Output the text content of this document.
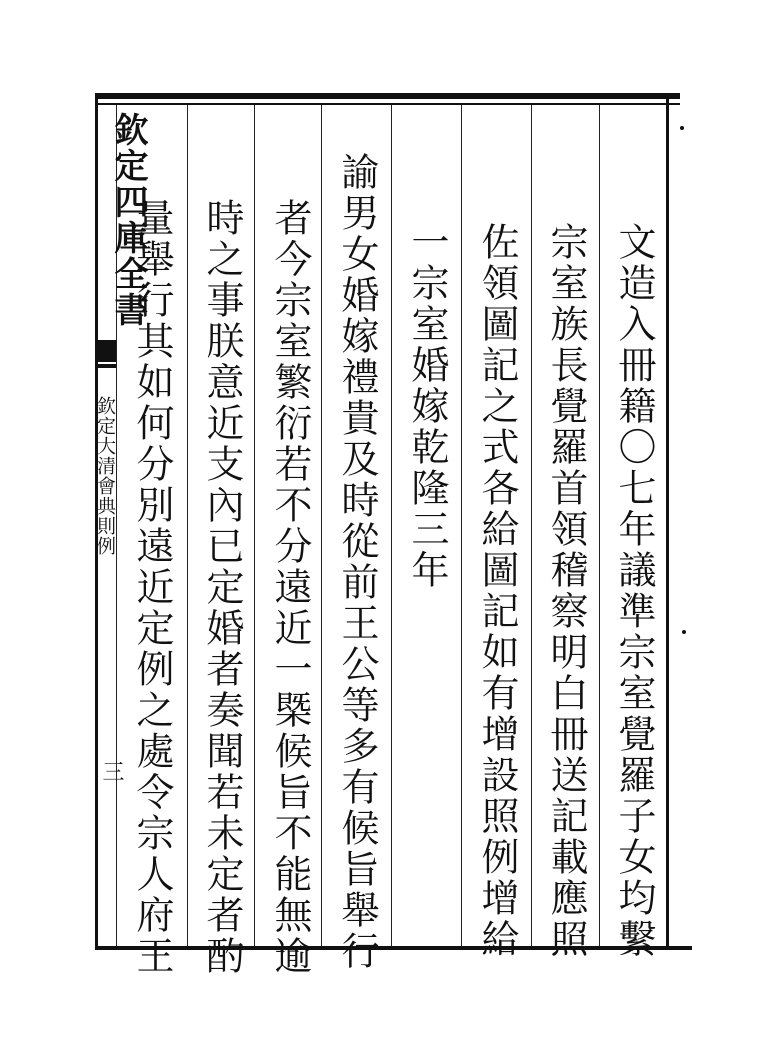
欽定四庫全書
欽定大清會典則例
三	文造入冊籍〇七年議準宗室覺羅子女均繫
宗室族長覺羅首領稽察明白冊送記載應照
佐領圖記之式各給圖記如有增設照例增給
一宗室婚嫁乾隆三年
諭男女婚嫁禮貴及時從前王公等多有候旨舉行
者今宗室繁衍若不分遠近一槩候旨不能無逾
時之事朕意近支內已定婚者奏聞若未定者酌
量舉行其如何分別遠近定例之處令宗人府王
